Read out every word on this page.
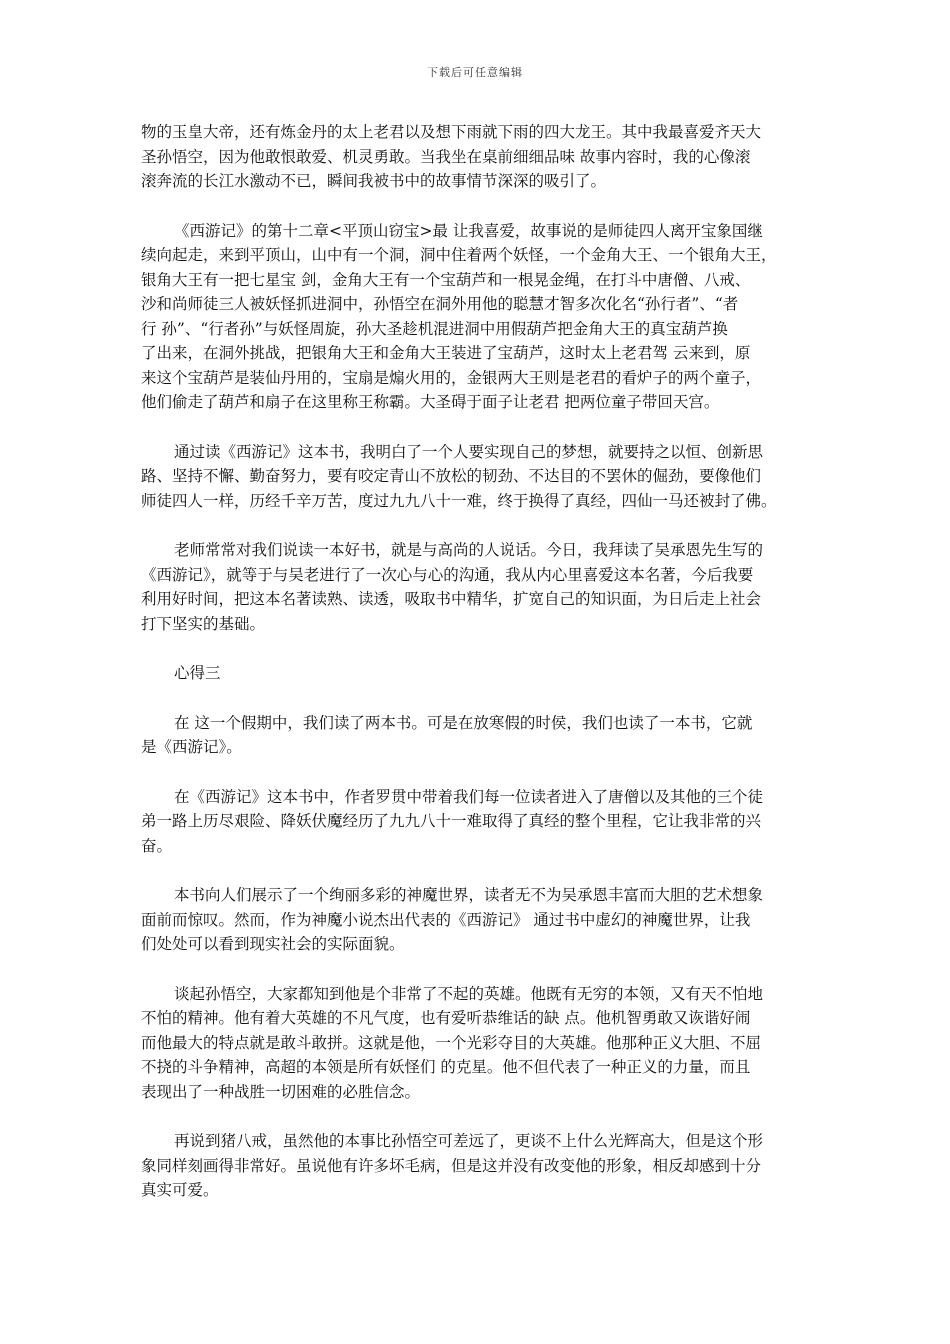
下载后可任意编辑
物的玉皇大帝，还有炼金丹的太上老君以及想下雨就下雨的四大龙王。其中我最喜爱齐天大
圣孙悟空，因为他敢恨敢爱、机灵勇敢。当我坐在桌前细细品味 故事内容时，我的心像滚
滚奔流的长江水激动不已，瞬间我被书中的故事情节深深的吸引了。
《西游记》的第十二章<平顶山窃宝>最 让我喜爱，故事说的是师徒四人离开宝象国继
续向起走，来到平顶山，山中有一个洞，洞中住着两个妖怪，一个金角大王、一个银角大王，
银角大王有一把七星宝 剑，金角大王有一个宝葫芦和一根晃金绳，在打斗中唐僧、八戒、
沙和尚师徒三人被妖怪抓进洞中，孙悟空在洞外用他的聪慧才智多次化名“孙行者”、“者
行 孙”、“行者孙”与妖怪周旋，孙大圣趁机混进洞中用假葫芦把金角大王的真宝葫芦换
了出来，在洞外挑战，把银角大王和金角大王装进了宝葫芦，这时太上老君驾 云来到，原
来这个宝葫芦是装仙丹用的，宝扇是煽火用的，金银两大王则是老君的看炉子的两个童子，
他们偷走了葫芦和扇子在这里称王称霸。大圣碍于面子让老君 把两位童子带回天宫。
通过读《西游记》这本书，我明白了一个人要实现自己的梦想，就要持之以恒、创新思
路、坚持不懈、勤奋努力，要有咬定青山不放松的韧劲、不达目的不罢休的倔劲，要像他们
师徒四人一样，历经千辛万苦，度过九九八十一难，终于换得了真经，四仙一马还被封了佛。
老师常常对我们说读一本好书，就是与高尚的人说话。今日，我拜读了吴承恩先生写的
《西游记》，就等于与吴老进行了一次心与心的沟通，我从内心里喜爱这本名著，今后我要
利用好时间，把这本名著读熟、读透，吸取书中精华，扩宽自己的知识面，为日后走上社会
打下坚实的基础。
心得三
在 这一个假期中，我们读了两本书。可是在放寒假的时侯，我们也读了一本书，它就
是《西游记》。
在《西游记》这本书中，作者罗贯中带着我们每一位读者进入了唐僧以及其他的三个徒
弟一路上历尽艰险、降妖伏魔经历了九九八十一难取得了真经的整个里程，它让我非常的兴
奋。
本书向人们展示了一个绚丽多彩的神魔世界，读者无不为吴承恩丰富而大胆的艺术想象
面前而惊叹。然而，作为神魔小说杰出代表的《西游记》 通过书中虚幻的神魔世界，让我
们处处可以看到现实社会的实际面貌。
谈起孙悟空，大家都知到他是个非常了不起的英雄。他既有无穷的本领，又有天不怕地
不怕的精神。他有着大英雄的不凡气度，也有爱听恭维话的缺 点。他机智勇敢又诙谐好闹
而他最大的特点就是敢斗敢拼。这就是他，一个光彩夺目的大英雄。他那种正义大胆、不屈
不挠的斗争精神，高超的本领是所有妖怪们 的克星。他不但代表了一种正义的力量，而且
表现出了一种战胜一切困难的必胜信念。
再说到猪八戒，虽然他的本事比孙悟空可差远了，更谈不上什么光辉高大，但是这个形
象同样刻画得非常好。虽说他有许多坏毛病，但是这并没有改变他的形象，相反却感到十分
真实可爱。
